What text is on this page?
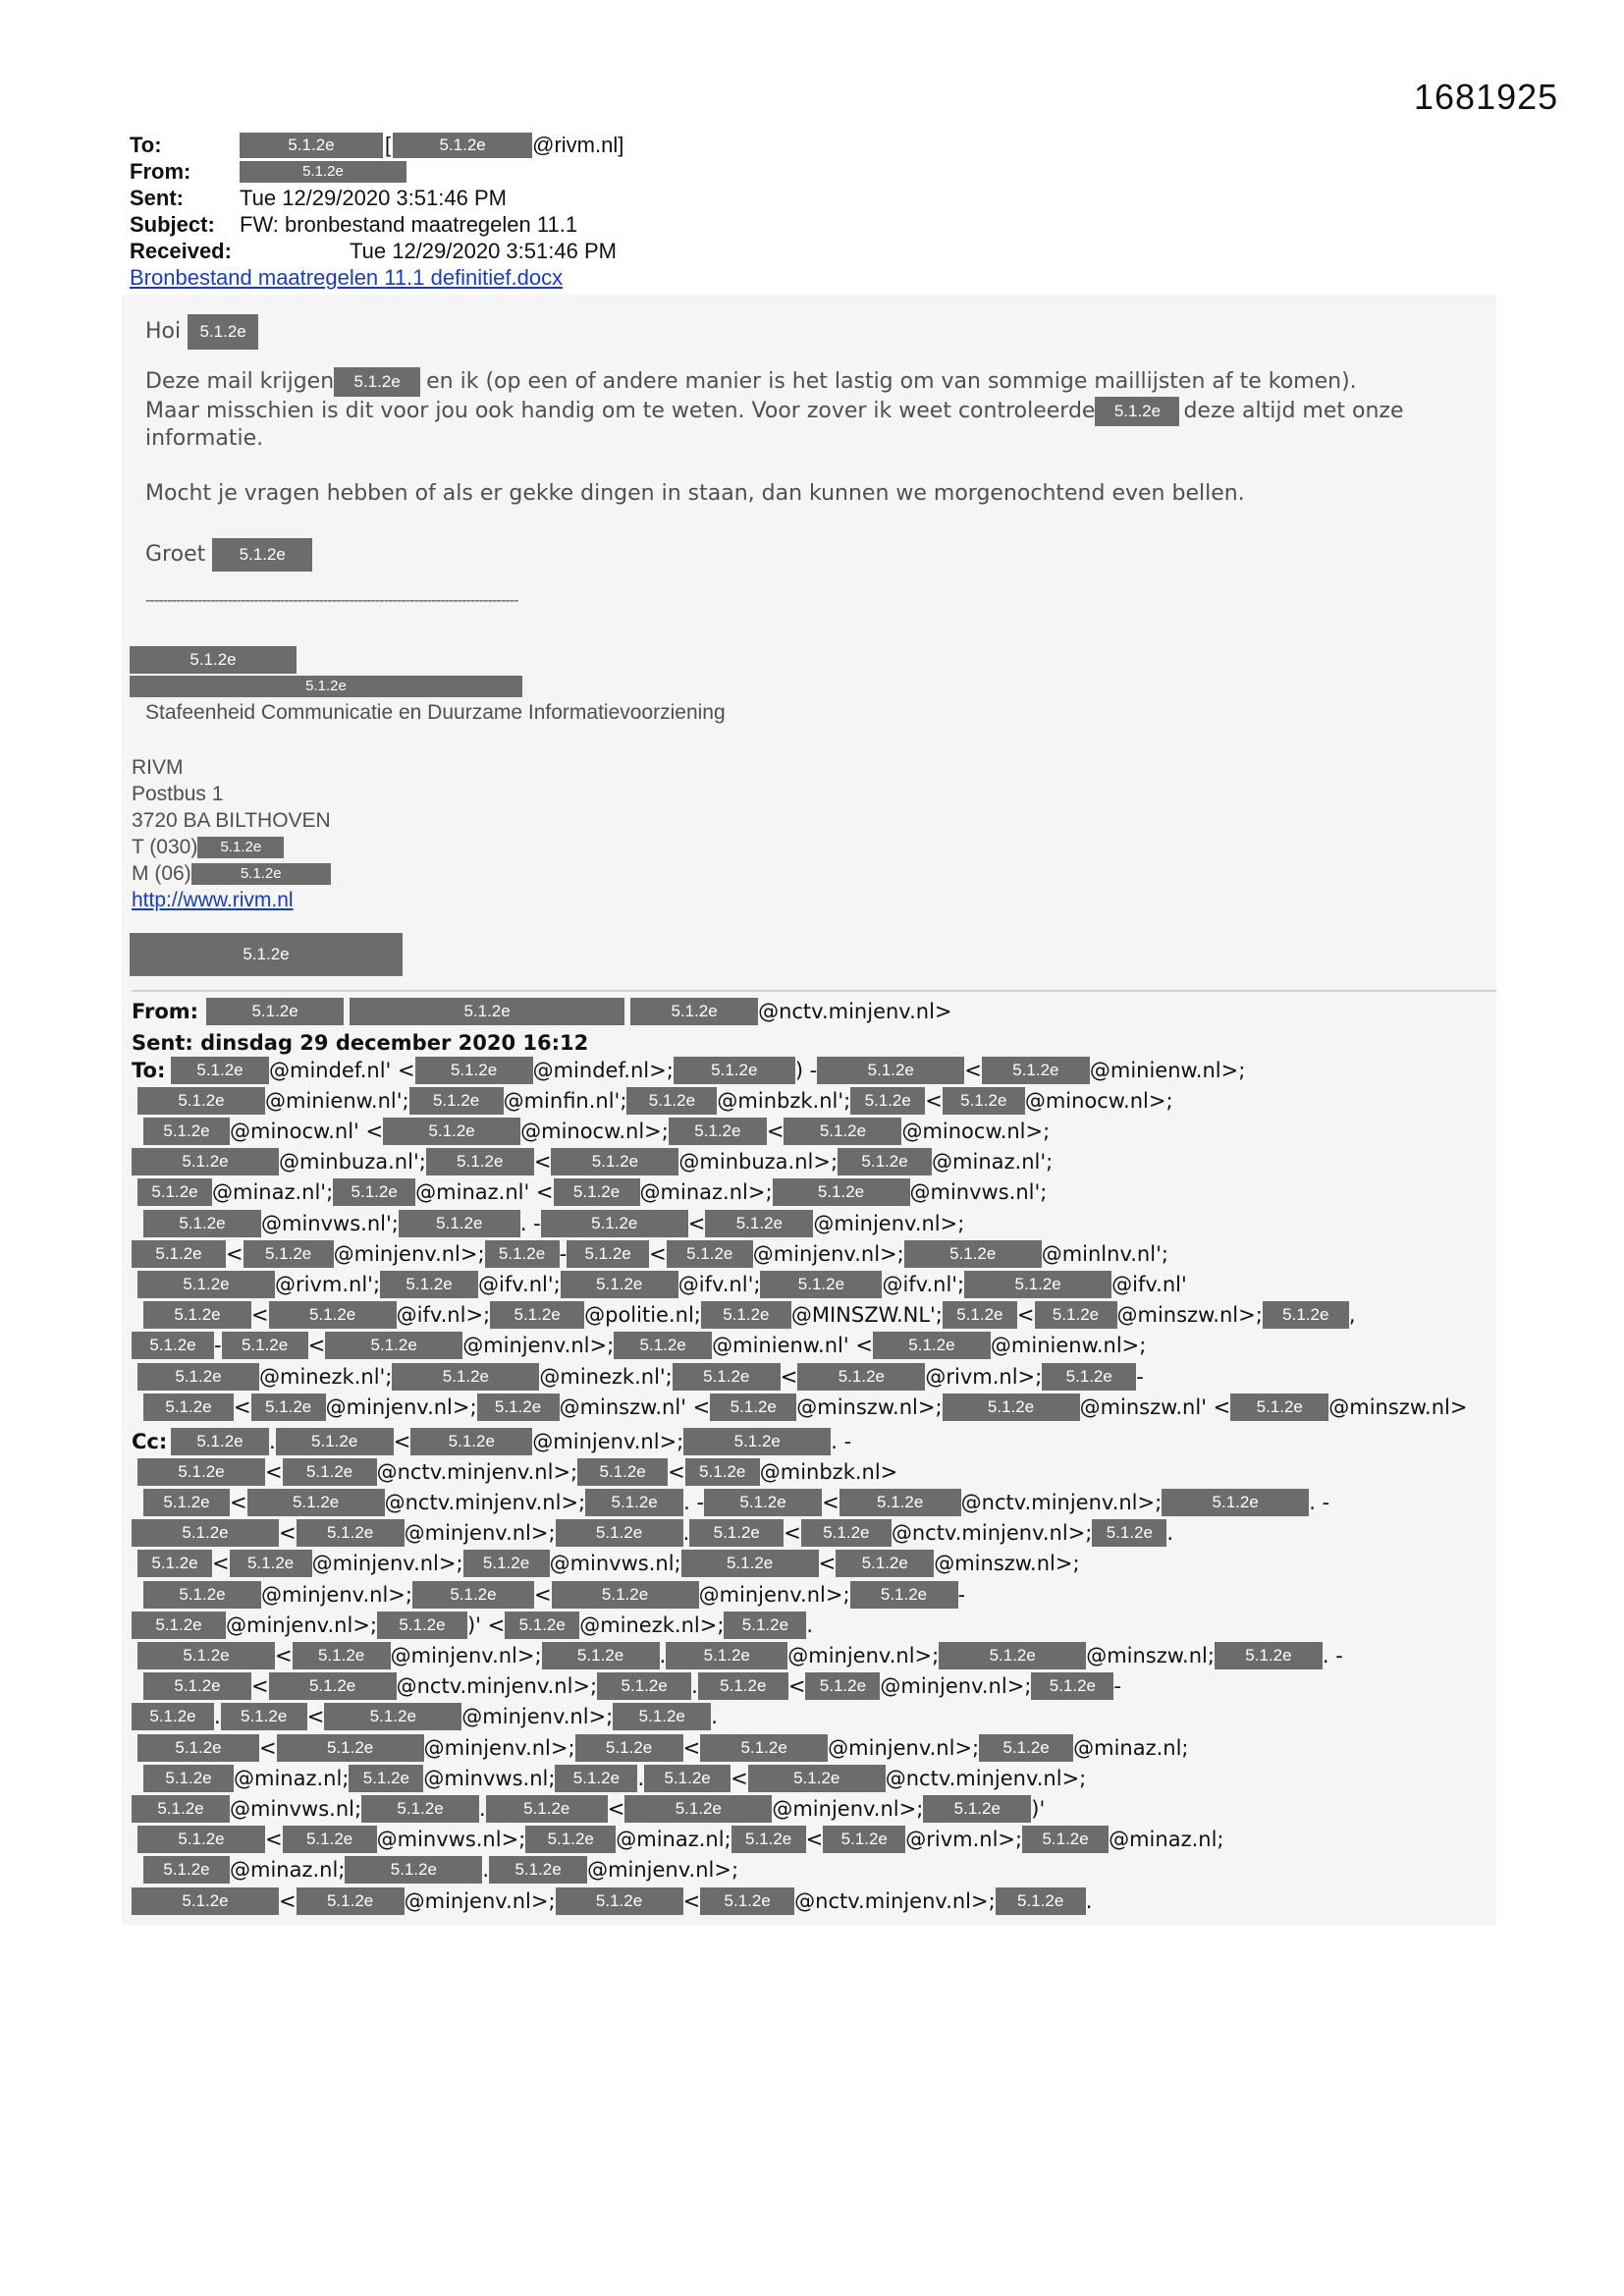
1681925
To:	5.1.2e	[	5.1.2e	@rivm.nl]
From:	5.1.2e
Sent:	Tue 12/29/2020 3:51:46 PM
Subject:	FW: bronbestand maatregelen 11.1
Received:	Tue 12/29/2020 3:51:46 PM
Bronbestand maatregelen 11.1 definitief.docx
Hoi 5.1.2e
Deze mail krijgen 5.1.2e en ik (op een of andere manier is het lastig om van sommige maillijsten af te komen).
Maar misschien is dit voor jou ook handig om te weten. Voor zover ik weet controleerde 5.1.2e deze altijd met onze
informatie.
Mocht je vragen hebben of als er gekke dingen in staan, dan kunnen we morgenochtend even bellen.
Groet 5.1.2e
--------------------------------------------------------------------------------------
5.1.2e
5.1.2e
Stafeenheid Communicatie en Duurzame Informatievoorziening
RIVM
Postbus 1
3720 BA BILTHOVEN
T (030) 5.1.2e
M (06)	5.1.2e
http://www.rivm.nl
5.1.2e
From:	5.1.2e	5.1.2e	5.1.2e	@nctv.minjenv.nl>
Sent: dinsdag 29 december 2020 16:12
To:
Cc:
5.1.2e	@mindef.nl' <	5.1.2e	@mindef.nl>;	5.1.2e	) -	5.1.2e	<	5.1.2e	@minienw.nl>;
5.1.2e	@minienw.nl';	5.1.2e	@minfin.nl';	5.1.2e	@minbzk.nl'; 5.1.2e <	5.1.2e @minocw.nl>;
5.1.2e @minocw.nl' <	5.1.2e	@minocw.nl>;	5.1.2e	<	5.1.2e	@minocw.nl>;
5.1.2e	@minbuza.nl';	5.1.2e	<	5.1.2e	@minbuza.nl>;	5.1.2e	@minaz.nl';
5.1.2e @minaz.nl';	5.1.2e @minaz.nl' <	5.1.2e @minaz.nl>;	5.1.2e	@minvws.nl';
5.1.2e	@minvws.nl';	5.1.2e	. -	5.1.2e	<	5.1.2e	@minjenv.nl>;
5.1.2e	<	5.1.2e	@minjenv.nl>; 5.1.2e -	5.1.2e <	5.1.2e @minjenv.nl>;	5.1.2e	@minlnv.nl';
5.1.2e	@rivm.nl';	5.1.2e	@ifv.nl';	5.1.2e	@ifv.nl';	5.1.2e	@ifv.nl';	5.1.2e	@ifv.nl'
5.1.2e	<	5.1.2e	@ifv.nl>;	5.1.2e	@politie.nl;	5.1.2e	@MINSZW.NL'; 5.1.2e <	5.1.2e @minszw.nl>;	5.1.2e ,
5.1.2e -	5.1.2e <	5.1.2e	@minjenv.nl>;	5.1.2e	@minienw.nl' <	5.1.2e	@minienw.nl>;
5.1.2e	@minezk.nl';	5.1.2e	@minezk.nl';	5.1.2e	<	5.1.2e	@rivm.nl>;	5.1.2e	-
5.1.2e	< 5.1.2e @minjenv.nl>;	5.1.2e @minszw.nl' <	5.1.2e @minszw.nl>;	5.1.2e	@minszw.nl' <	5.1.2e	@minszw.nl>
5.1.2e	.	5.1.2e	<	5.1.2e	@minjenv.nl>;	5.1.2e	. -
5.1.2e	<	5.1.2e	@nctv.minjenv.nl>;	5.1.2e	< 5.1.2e @minbzk.nl>
5.1.2e <	5.1.2e	@nctv.minjenv.nl>;	5.1.2e	. -	5.1.2e	<	5.1.2e	@nctv.minjenv.nl>;	5.1.2e	. -
5.1.2e	<	5.1.2e	@minjenv.nl>;	5.1.2e	.	5.1.2e	<	5.1.2e	@nctv.minjenv.nl>; 5.1.2e .
5.1.2e <	5.1.2e @minjenv.nl>;	5.1.2e @minvws.nl;	5.1.2e	<	5.1.2e	@minszw.nl>;
5.1.2e	@minjenv.nl>;	5.1.2e	<	5.1.2e	@minjenv.nl>;	5.1.2e	-
5.1.2e	@minjenv.nl>;	5.1.2e	)' < 5.1.2e @minezk.nl>;	5.1.2e .
5.1.2e	<	5.1.2e	@minjenv.nl>;	5.1.2e	.	5.1.2e	@minjenv.nl>;	5.1.2e	@minszw.nl;	5.1.2e	. -
5.1.2e	<	5.1.2e	@nctv.minjenv.nl>;	5.1.2e	.	5.1.2e	< 5.1.2e @minjenv.nl>;	5.1.2e -
5.1.2e .	5.1.2e <	5.1.2e	@minjenv.nl>;	5.1.2e	.
5.1.2e	<	5.1.2e	@minjenv.nl>;	5.1.2e	<	5.1.2e	@minjenv.nl>;	5.1.2e	@minaz.nl;
5.1.2e	@minaz.nl; 5.1.2e @minvws.nl;	5.1.2e .	5.1.2e <	5.1.2e	@nctv.minjenv.nl>;
5.1.2e	@minvws.nl;	5.1.2e	.	5.1.2e	<	5.1.2e	@minjenv.nl>;	5.1.2e	)'
5.1.2e	<	5.1.2e	@minvws.nl>;	5.1.2e	@minaz.nl; 5.1.2e <	5.1.2e @rivm.nl>;	5.1.2e @minaz.nl;
5.1.2e @minaz.nl;	5.1.2e	.	5.1.2e	@minjenv.nl>;
5.1.2e	<	5.1.2e	@minjenv.nl>;	5.1.2e	<	5.1.2e	@nctv.minjenv.nl>;	5.1.2e	.
